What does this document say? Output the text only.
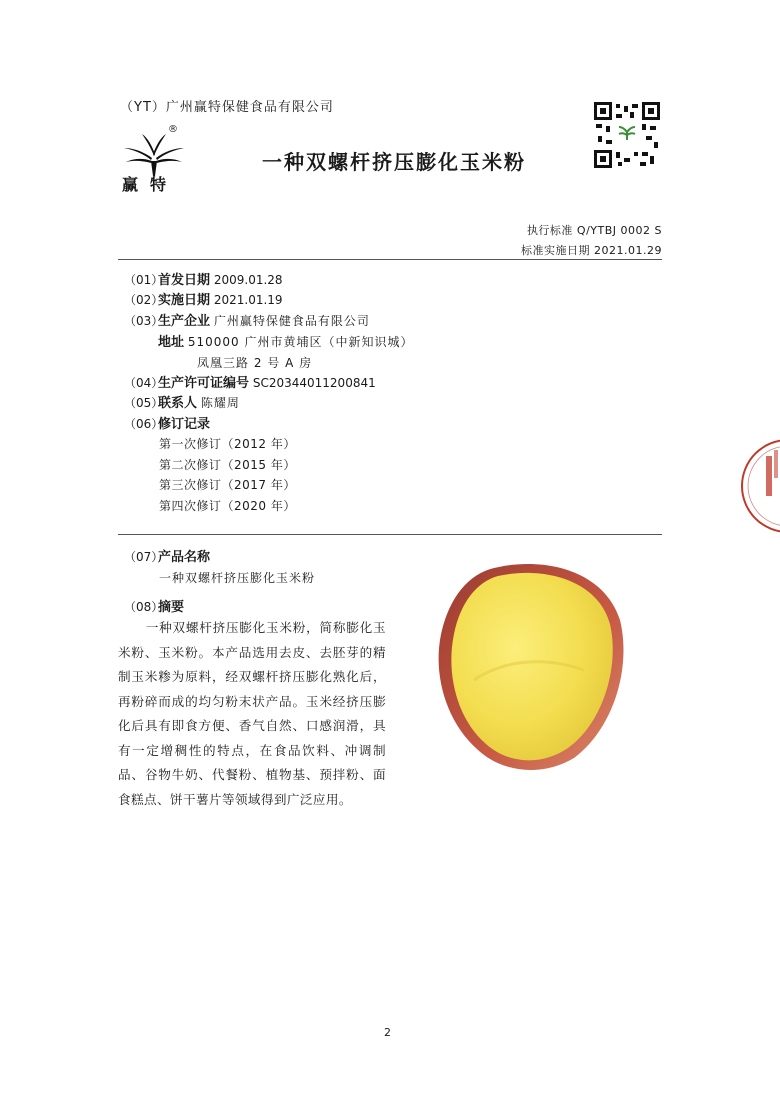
（YT）广州赢特保健食品有限公司
®
赢特
一种双螺杆挤压膨化玉米粉
执行标准 Q/YTBJ 0002 S
标准实施日期 2021.01.29
（01）首发日期 2009.01.28
（02）实施日期 2021.01.19
（03）生产企业 广州赢特保健食品有限公司
地址 510000 广州市黄埔区（中新知识城）
凤凰三路 2 号 A 房
（04）生产许可证编号 SC20344011200841
（05）联系人 陈耀周
（06）修订记录
第一次修订（2012 年）
第二次修订（2015 年）
第三次修订（2017 年）
第四次修订（2020 年）
（07）产品名称
一种双螺杆挤压膨化玉米粉
（08）摘要
一种双螺杆挤压膨化玉米粉，简称膨化玉米粉、玉米粉。本产品选用去皮、去胚芽的精制玉米糁为原料，经双螺杆挤压膨化熟化后，再粉碎而成的均匀粉末状产品。玉米经挤压膨化后具有即食方便、香气自然、口感润滑，具有一定增稠性的特点，在食品饮料、冲调制品、谷物牛奶、代餐粉、植物基、预拌粉、面食糕点、饼干薯片等领域得到广泛应用。
2
